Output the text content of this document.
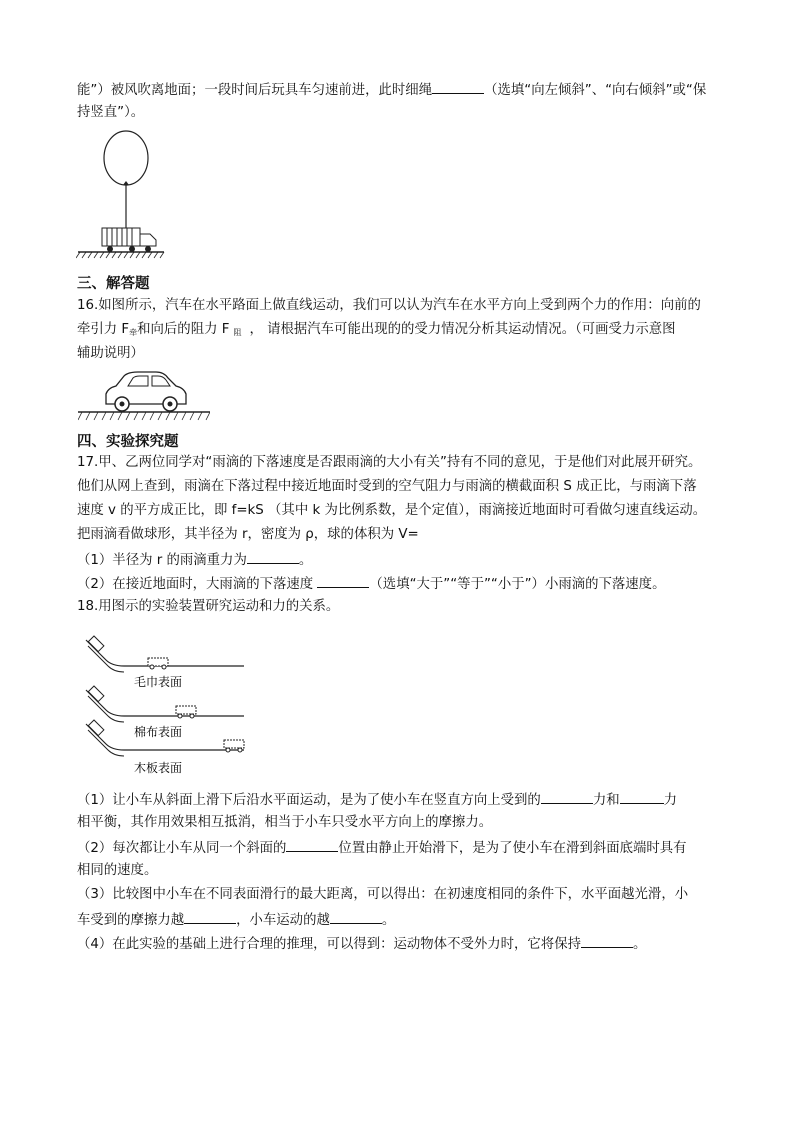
能”）被风吹离地面；一段时间后玩具车匀速前进，此时细绳	（选填“向左倾斜”、“向右倾斜”或“保
持竖直”）。
三、解答题
16.如图所示，汽车在水平路面上做直线运动，我们可以认为汽车在水平方向上受到两个力的作用：向前的
牵引力 $F_牵$和向后的阻力 F $_阻$ ， 请根据汽车可能出现的的受力情况分析其运动情况。（可画受力示意图
辅助说明）
四、实验探究题
17.甲、乙两位同学对“雨滴的下落速度是否跟雨滴的大小有关”持有不同的意见，于是他们对此展开研究。
他们从网上查到，雨滴在下落过程中接近地面时受到的空气阻力与雨滴的横截面积 S 成正比，与雨滴下落
速度 v 的平方成正比，即 f=kS （其中 k 为比例系数，是个定值），雨滴接近地面时可看做匀速直线运动。
把雨滴看做球形，其半径为 r，密度为 ρ，球的体积为 V=
（1）半径为 r 的雨滴重力为	。
（2）在接近地面时，大雨滴的下落速度	（选填“大于”“等于”“小于”）小雨滴的下落速度。
18.用图示的实验装置研究运动和力的关系。
毛巾表面
棉布表面
木板表面
（1）让小车从斜面上滑下后沿水平面运动，是为了使小车在竖直方向上受到的	力和	力
相平衡，其作用效果相互抵消，相当于小车只受水平方向上的摩擦力。
（2）每次都让小车从同一个斜面的	位置由静止开始滑下，是为了使小车在滑到斜面底端时具有
相同的速度。
（3）比较图中小车在不同表面滑行的最大距离，可以得出：在初速度相同的条件下，水平面越光滑，小
车受到的摩擦力越	，小车运动的越	。
（4）在此实验的基础上进行合理的推理，可以得到：运动物体不受外力时，它将保持	。
